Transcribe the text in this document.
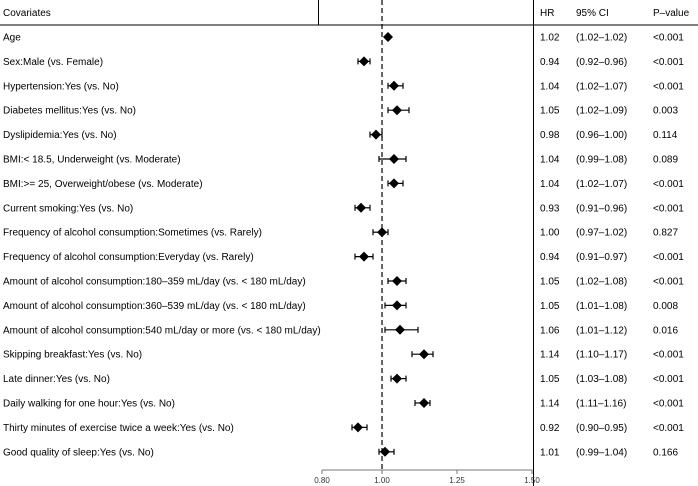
Covariates	HR 95% CI	P–value
Age	1.02 (1.02–1.02)	<0.001
Sex:Male (vs. Female)	0.94 (0.92–0.96)	<0.001
Hypertension:Yes (vs. No)	1.04 (1.02–1.07)	<0.001
Diabetes mellitus:Yes (vs. No)	1.05 (1.02–1.09)	0.003
Dyslipidemia:Yes (vs. No)	0.98 (0.96–1.00)	0.114
BMI:< 18.5, Underweight (vs. Moderate)	1.04 (0.99–1.08)	0.089
BMI:>= 25, Overweight/obese (vs. Moderate)	1.04 (1.02–1.07)	<0.001
Current smoking:Yes (vs. No)	0.93 (0.91–0.96)	<0.001
Frequency of alcohol consumption:Sometimes (vs. Rarely)	1.00 (0.97–1.02)	0.827
Frequency of alcohol consumption:Everyday (vs. Rarely)	0.94 (0.91–0.97)	<0.001
Amount of alcohol consumption:180–359 mL/day (vs. < 180 mL/day)	1.05 (1.02–1.08)	<0.001
Amount of alcohol consumption:360–539 mL/day (vs. < 180 mL/day)	1.05 (1.01–1.08)	0.008
Amount of alcohol consumption:540 mL/day or more (vs. < 180 mL/day)	1.06 (1.01–1.12)	0.016
Skipping breakfast:Yes (vs. No)	1.14 (1.10–1.17)	<0.001
Late dinner:Yes (vs. No)	1.05 (1.03–1.08)	<0.001
Daily walking for one hour:Yes (vs. No)	1.14 (1.11–1.16)	<0.001
Thirty minutes of exercise twice a week:Yes (vs. No)	0.92 (0.90–0.95)	<0.001
Good quality of sleep:Yes (vs. No)	1.01 (0.99–1.04)	0.166
0.80	1.00	1.25	1.50
